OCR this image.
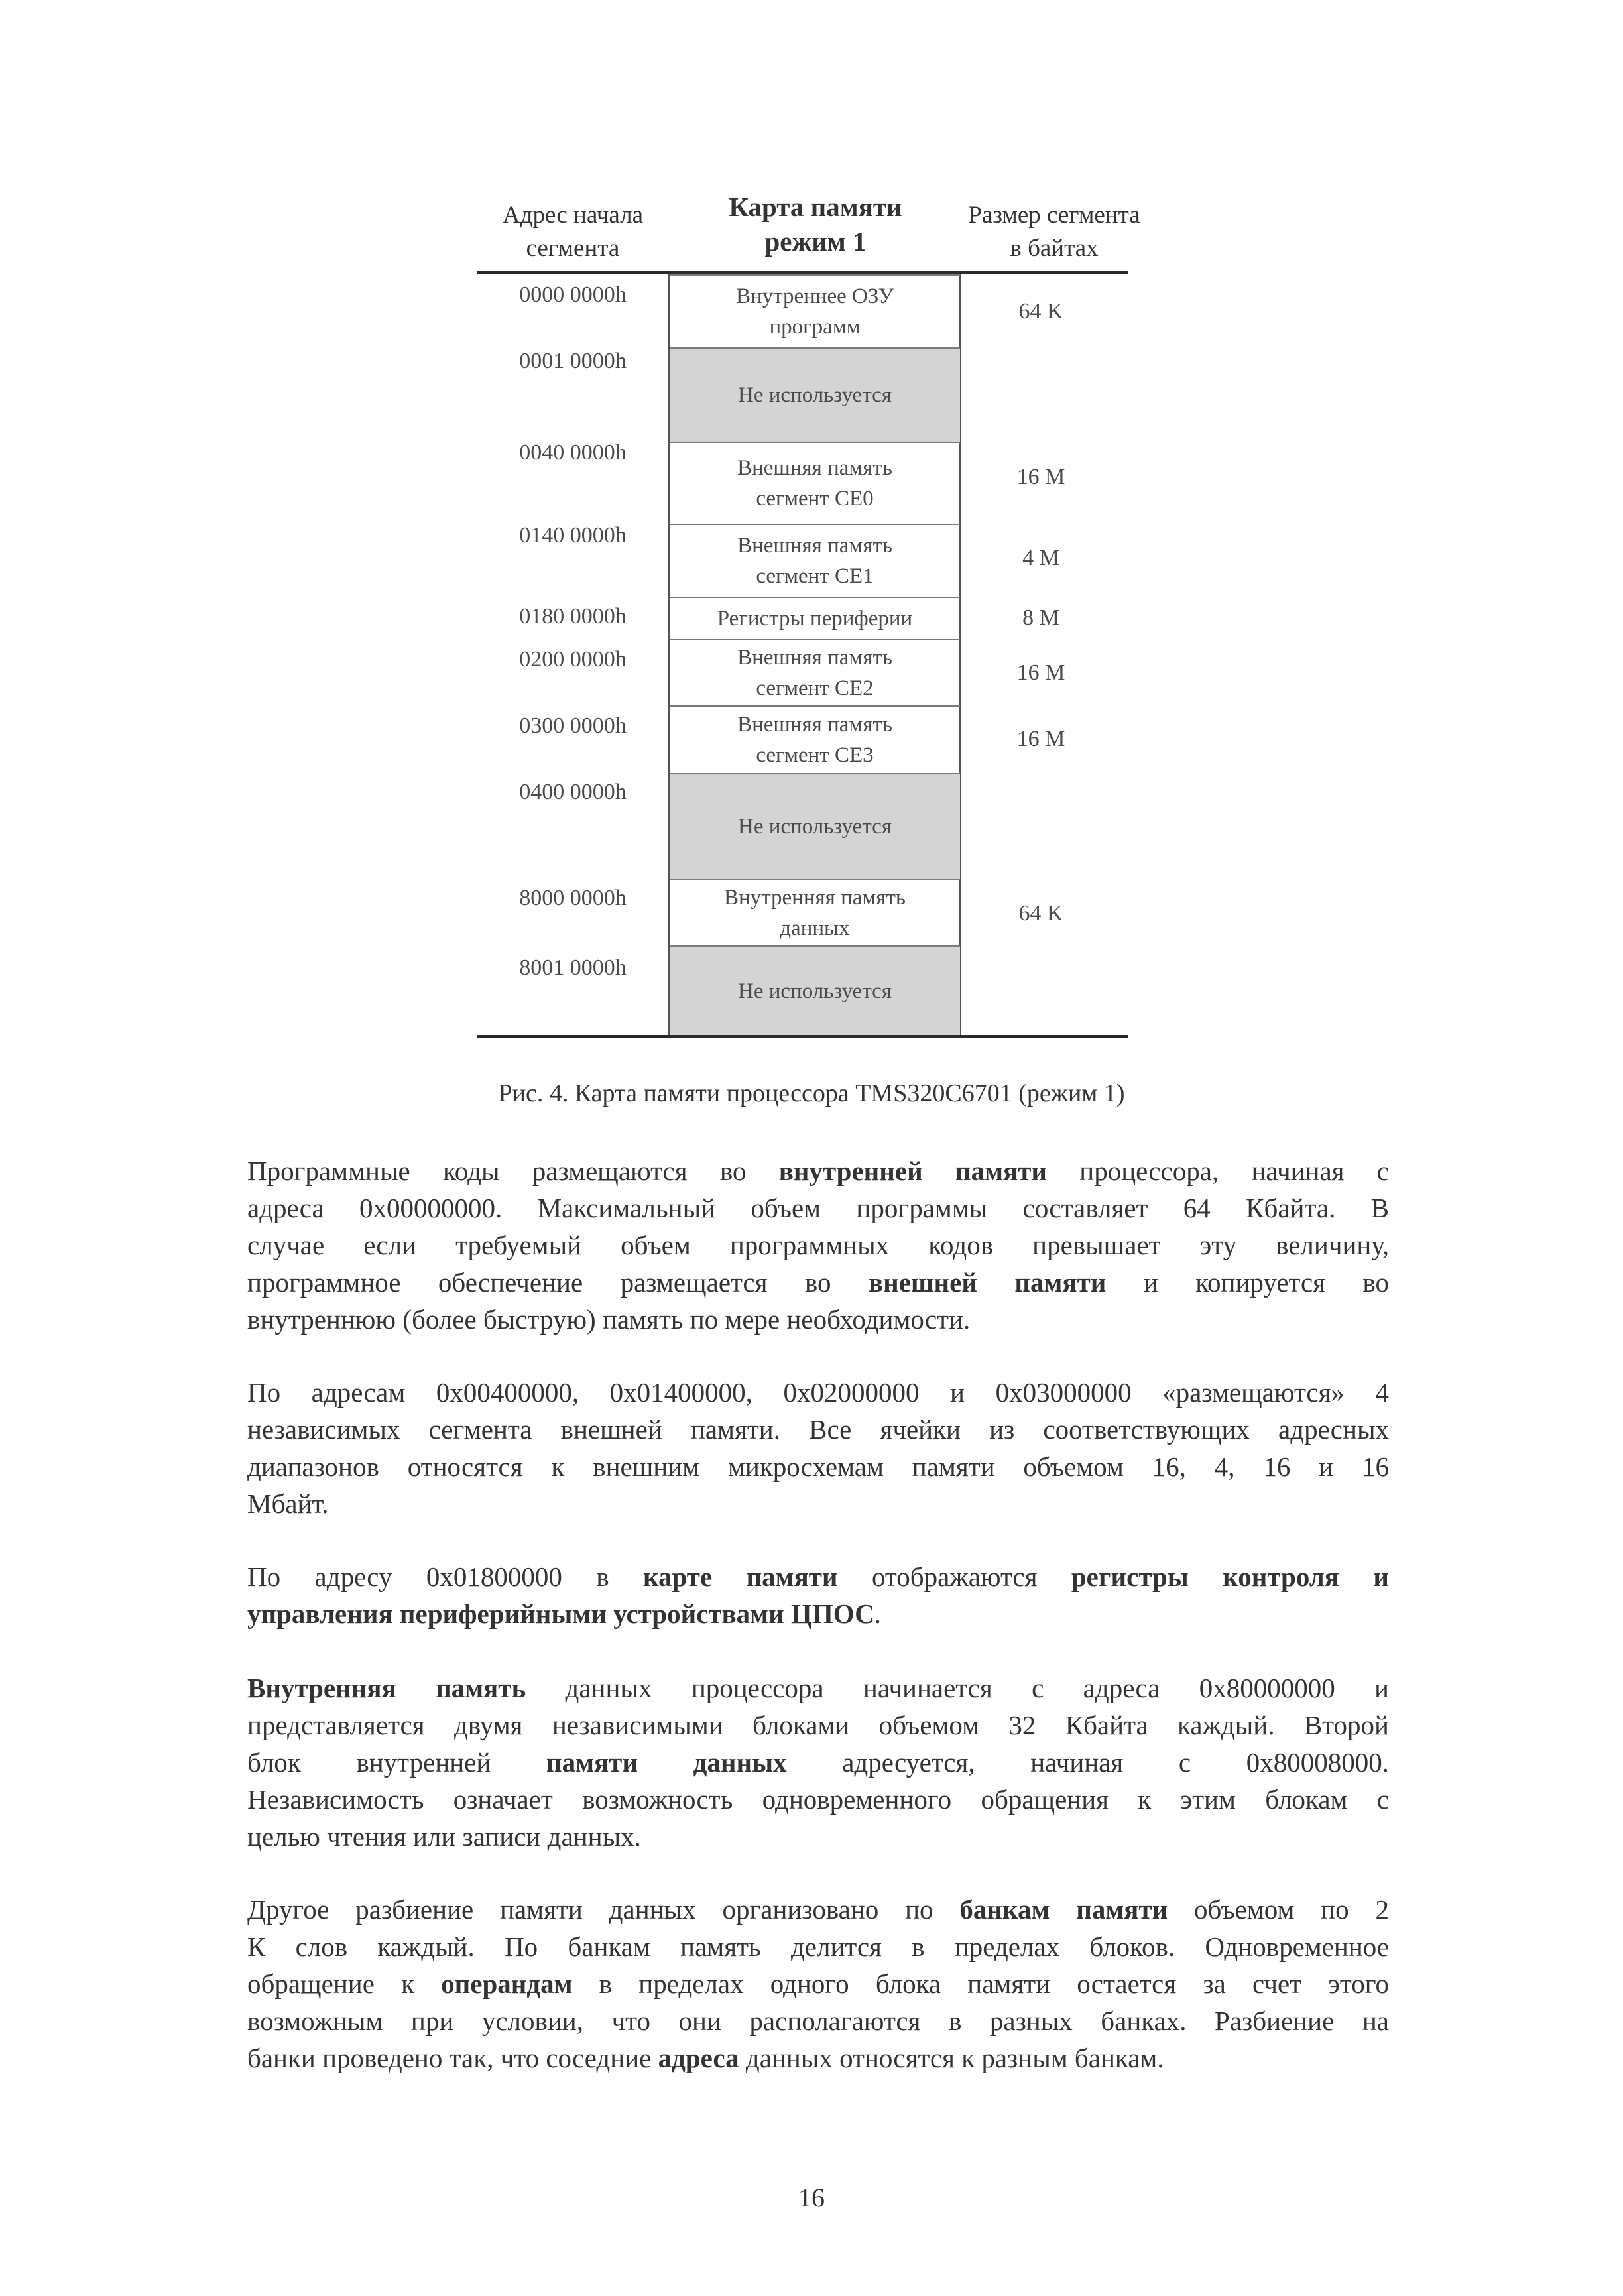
Адрес начала
сегмента
Карта памяти
режим 1
Размер сегмента
в байтах
0000 0000h
0001 0000h
0040 0000h
0140 0000h
0180 0000h
0200 0000h
0300 0000h
0400 0000h
8000 0000h
8001 0000h
Внутреннее ОЗУ
программ
Не используется
Внешняя память
сегмент CE0
Внешняя память
сегмент CE1
Регистры периферии
Внешняя память
сегмент CE2
Внешняя память
сегмент CE3
Не используется
Внутренняя память
данных
Не используется
64 K
16 M
4 M
8 M
16 M
16 M
64 K
Рис. 4. Карта памяти процессора TMS320C6701 (режим 1)
Программные коды размещаются во внутренней памяти процессора, начиная с
адреса 0x00000000. Максимальный объем программы составляет 64 Кбайта. В
случае если требуемый объем программных кодов превышает эту величину,
программное обеспечение размещается во внешней памяти и копируется во
внутреннюю (более быструю) память по мере необходимости.
По адресам 0x00400000, 0x01400000, 0x02000000 и 0x03000000 «размещаются» 4
независимых сегмента внешней памяти. Все ячейки из соответствующих адресных
диапазонов относятся к внешним микросхемам памяти объемом 16, 4, 16 и 16
Мбайт.
По адресу 0x01800000 в карте памяти отображаются регистры контроля и
управления периферийными устройствами ЦПОС.
Внутренняя память данных процессора начинается с адреса 0x80000000 и
представляется двумя независимыми блоками объемом 32 Кбайта каждый. Второй
блок внутренней памяти данных адресуется, начиная с 0x80008000.
Независимость означает возможность одновременного обращения к этим блокам с
целью чтения или записи данных.
Другое разбиение памяти данных организовано по банкам памяти объемом по 2
К слов каждый. По банкам память делится в пределах блоков. Одновременное
обращение к операндам в пределах одного блока памяти остается за счет этого
возможным при условии, что они располагаются в разных банках. Разбиение на
банки проведено так, что соседние адреса данных относятся к разным банкам.
16
